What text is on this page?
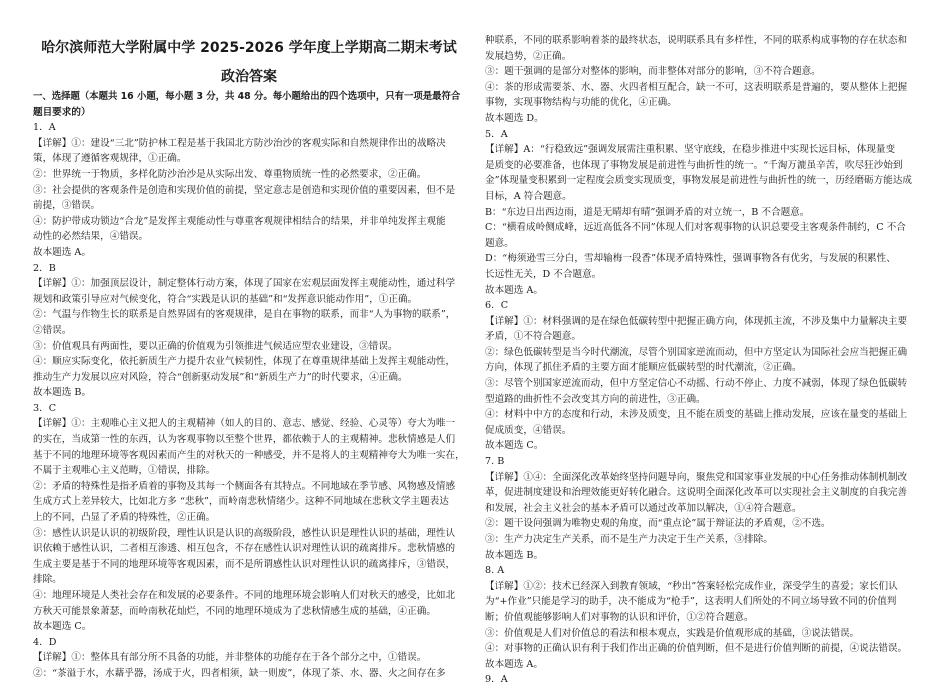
哈尔滨师范大学附属中学 2025-2026 学年度上学期高二期末考试
政治答案
一、选择题（本题共 16 小题，每小题 3 分，共 48 分。每小题给出的四个选项中，只有一项是最符合
题目要求的）
1．A
【详解】①：建设“三北”防护林工程是基于我国北方防沙治沙的客观实际和自然规律作出的战略决
策，体现了遵循客观规律，①正确。
②：世界统一于物质，多样化防沙治沙是从实际出发、尊重物质统一性的必然要求，②正确。
③：社会提供的客观条件是创造和实现价值的前提，坚定意志是创造和实现价值的重要因素，但不是
前提，③错误。
④：防护带成功锁边“合龙”是发挥主观能动性与尊重客观规律相结合的结果，并非单纯发挥主观能
动性的必然结果，④错误。
故本题选 A。
2．B
【详解】①：加强顶层设计，制定整体行动方案，体现了国家在宏观层面发挥主观能动性，通过科学
规划和政策引导应对气候变化，符合“实践是认识的基础”和“发挥意识能动作用”，①正确。
②：气温与作物生长的联系是自然界固有的客观规律，是自在事物的联系，而非“人为事物的联系”，
②错误。
③：价值观具有两面性，要以正确的价值观为引领推进气候适应型农业建设，③错误。
④：顺应实际变化，依托新质生产力提升农业气候韧性，体现了在尊重规律基础上发挥主观能动性，
推动生产力发展以应对风险，符合“创新驱动发展”和“新质生产力”的时代要求，④正确。
故本题选 B。
3．C
【详解】①：主观唯心主义把人的主观精神（如人的目的、意志、感觉、经验、心灵等）夸大为唯一
的实在，当成第一性的东西，认为客观事物以至整个世界，都依赖于人的主观精神。悲秋情感是人们
基于不同的地理环境等客观因素而产生的对秋天的一种感受，并不是将人的主观精神夸大为唯一实在，
不属于主观唯心主义范畴，①错误，排除。
②：矛盾的特殊性是指矛盾着的事物及其每一个侧面各有其特点。不同地域在季节感、风物感及情感
生成方式上差异较大，比如北方多 “悲秋”，而岭南悲秋情绪少。这种不同地域在悲秋文学主题表达
上的不同，凸显了矛盾的特殊性，②正确。
③：感性认识是认识的初级阶段，理性认识是认识的高级阶段，感性认识是理性认识的基础，理性认
识依赖于感性认识，二者相互渗透、相互包含，不存在感性认识对理性认识的疏离排斥。悲秋情感的
生成主要是基于不同的地理环境等客观因素，而不是所谓感性认识对理性认识的疏离排斥，③错误，
排除。
④：地理环境是人类社会存在和发展的必要条件。不同的地理环境会影响人们对秋天的感受，比如北
方秋天可能景象萧瑟，而岭南秋花灿烂，不同的地理环境成为了悲秋情感生成的基础，④正确。
故本题选 C。
4．D
【详解】①：整体具有部分所不具备的功能，并非整体的功能存在于各个部分之中，①错误。
②：“茶溢于水，水藉乎器，汤成于火，四者相须，缺一则废”，体现了茶、水、器、火之间存在多
种联系，不同的联系影响着茶的最终状态，说明联系具有多样性，不同的联系构成事物的存在状态和
发展趋势，②正确。
③：题干强调的是部分对整体的影响，而非整体对部分的影响，③不符合题意。
④：茶的形成需要茶、水、器、火四者相互配合，缺一不可，这表明联系是普遍的，要从整体上把握
事物，实现事物结构与功能的优化，④正确。
故本题选 D。
5．A
【详解】A：“行稳致远”强调发展需注重积累、坚守底线，在稳步推进中实现长远目标，体现量变
是质变的必要准备，也体现了事物发展是前进性与曲折性的统一。“千淘万漉虽辛苦，吹尽狂沙始到
金”体现量变积累到一定程度会质变实现质变，事物发展是前进性与曲折性的统一，历经磨砺方能达成
目标，A 符合题意。
B：“东边日出西边雨，道是无晴却有晴”强调矛盾的对立统一，B 不合题意。
C：“横看成岭侧成峰，远近高低各不同”体现人们对客观事物的认识总要受主客观条件制约，C 不合
题意。
D：“梅须逊雪三分白，雪却输梅一段香”体现矛盾特殊性，强调事物各有优劣，与发展的积累性、
长远性无关，D 不合题意。
故本题选 A。
6．C
【详解】①：材料强调的是在绿色低碳转型中把握正确方向，体现抓主流，不涉及集中力量解决主要
矛盾，①不符合题意。
②：绿色低碳转型是当今时代潮流，尽管个别国家逆流而动，但中方坚定认为国际社会应当把握正确
方向，体现了抓住矛盾的主要方面才能顺应低碳转型的时代潮流，②正确。
③：尽管个别国家逆流而动，但中方坚定信心不动摇、行动不停止、力度不减弱，体现了绿色低碳转
型道路的曲折性不会改变其方向的前进性，③正确。
④：材料中中方的态度和行动，未涉及质变，且不能在质变的基础上推动发展，应该在量变的基础上
促成质变，④错误。
故本题选 C。
7. B
【详解】①④：全面深化改革始终坚持问题导向，聚焦党和国家事业发展的中心任务推动体制机制改
革，促进制度建设和治理效能更好转化融合。这说明全面深化改革可以实现社会主义制度的自我完善
和发展，社会主义社会的基本矛盾可以通过改革加以解决，①④符合题意。
②：题干设问强调为唯物史观的角度，而“重点论”属于辩证法的矛盾观，②不选。
③：生产力决定生产关系，而不是生产力决定于生产关系，③排除。
故本题选 B。
8. A
【详解】①②：技术已经深入到教育领域，“秒出”答案轻松完成作业，深受学生的喜爱；家长们认
为“+作业”只能是学习的助手，决不能成为“枪手”，这表明人们所处的不同立场导致不同的价值判
断；价值观能够影响人们对事物的认识和评价，①②符合题意。
③：价值观是人们对价值总的看法和根本观点，实践是价值观形成的基础，③说法错误。
④：对事物的正确认识有利于我们作出正确的价值判断，但不是进行价值判断的前提，④说法错误。
故本题选 A。
9．A
